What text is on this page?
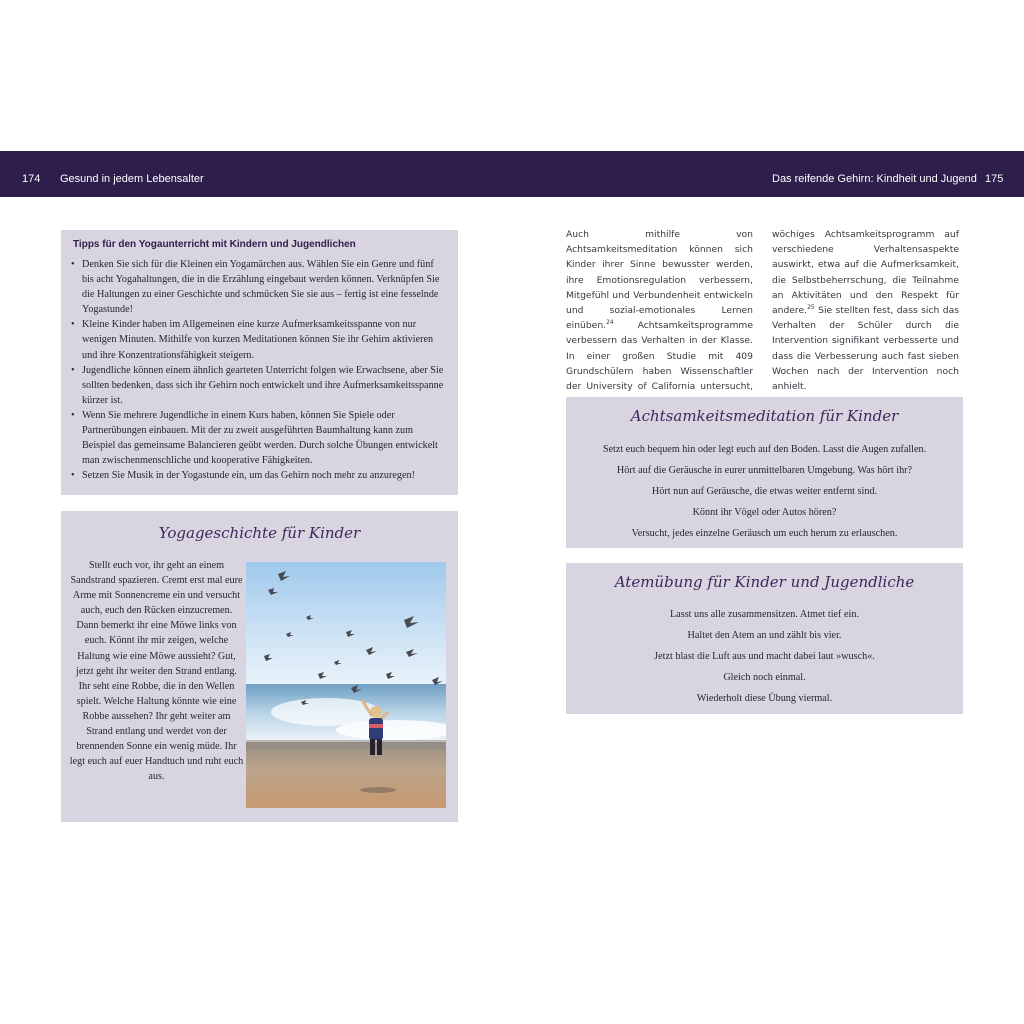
174 Gesund in jedem Lebensalter	Das reifende Gehirn: Kindheit und Jugend 175
Tipps für den Yogaunterricht mit Kindern und Jugendlichen
• Denken Sie sich für die Kleinen ein Yogamärchen aus. Wählen Sie ein Genre und fünf bis acht Yogahaltungen, die in die Erzählung eingebaut werden können. Verknüpfen Sie die Haltungen zu einer Geschichte und schmücken Sie sie aus – fertig ist eine fesselnde Yogastunde!
• Kleine Kinder haben im Allgemeinen eine kurze Aufmerksamkeitsspanne von nur wenigen Minuten. Mithilfe von kurzen Meditationen können Sie ihr Gehirn aktivieren und ihre Konzentrationsfähigkeit steigern.
• Jugendliche können einem ähnlich gearteten Unterricht folgen wie Erwachsene, aber Sie sollten bedenken, dass sich ihr Gehirn noch entwickelt und ihre Aufmerksamkeitsspanne kürzer ist.
• Wenn Sie mehrere Jugendliche in einem Kurs haben, können Sie Spiele oder Partnerübungen einbauen. Mit der zu zweit ausgeführten Baumhaltung kann zum Beispiel das gemeinsame Balancieren geübt werden. Durch solche Übungen entwickelt man zwischenmenschliche und kooperative Fähigkeiten.
• Setzen Sie Musik in der Yogastunde ein, um das Gehirn noch mehr zu anzuregen!
Yogageschichte für Kinder
Stellt euch vor, ihr geht an einem Sandstrand spazieren. Cremt erst mal eure Arme mit Sonnencreme ein und versucht auch, euch den Rücken einzucremen. Dann bemerkt ihr eine Möwe links von euch. Könnt ihr mir zeigen, welche Haltung wie eine Möwe aussieht? Gut, jetzt geht ihr weiter den Strand entlang. Ihr seht eine Robbe, die in den Wellen spielt. Welche Haltung könnte wie eine Robbe aussehen? Ihr geht weiter am Strand entlang und werdet von der brennenden Sonne ein wenig müde. Ihr legt euch auf euer Handtuch und ruht euch aus.
Auch mithilfe von Achtsamkeitsmeditation können sich Kinder ihrer Sinne bewusster werden, ihre Emotionsregulation verbessern, Mitgefühl und Verbundenheit entwickeln und sozial-emotionales Lernen einüben.$^{24}$	Achtsamkeitsprogramme verbessern das Verhalten in der Klasse. In einer großen Studie mit 409 Grundschülern haben Wissenschaftler der University of California untersucht,
wöchiges Achtsamkeitsprogramm auf verschiedene Verhaltensaspekte auswirkt, etwa auf die Aufmerksamkeit, die Selbstbeherrschung, die Teilnahme an Aktivitäten und den Respekt für andere.$^{25}$ Sie stellten fest, dass sich das Verhalten der Schüler durch die Intervention signifikant verbesserte und dass die Verbesserung auch fast sieben Wochen nach der Intervention noch anhielt.
Achtsamkeitsmeditation für Kinder
Setzt euch bequem hin oder legt euch auf den Boden. Lasst die Augen zufallen.
Hört auf die Geräusche in eurer unmittelbaren Umgebung. Was hört ihr?
Hört nun auf Geräusche, die etwas weiter entfernt sind.
Könnt ihr Vögel oder Autos hören?
Versucht, jedes einzelne Geräusch um euch herum zu erlauschen.
Atemübung für Kinder und Jugendliche
Lasst uns alle zusammensitzen. Atmet tief ein.
Haltet den Atem an und zählt bis vier.
Jetzt blast die Luft aus und macht dabei laut »wusch«.
Gleich noch einmal.
Wiederholt diese Übung viermal.
